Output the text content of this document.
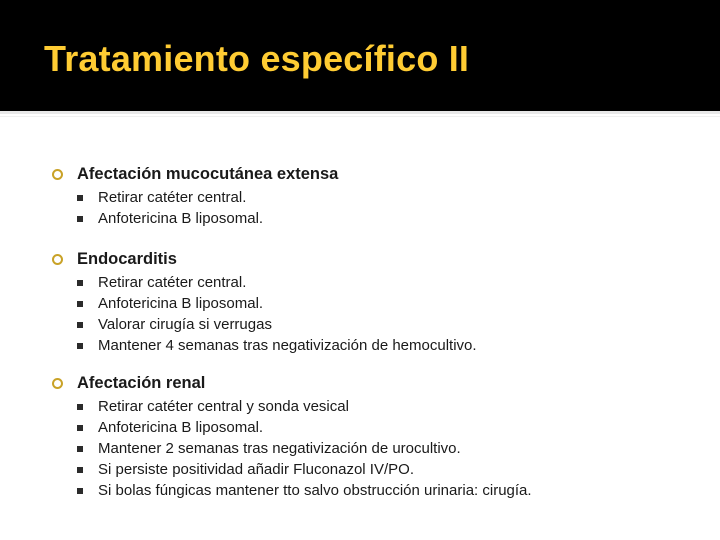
Tratamiento específico II
Afectación mucocutánea extensa
Retirar catéter central.
Anfotericina B liposomal.
Endocarditis
Retirar catéter central.
Anfotericina B liposomal.
Valorar cirugía si verrugas
Mantener 4 semanas tras negativización de hemocultivo.
Afectación renal
Retirar catéter central y sonda vesical
Anfotericina B liposomal.
Mantener 2 semanas tras negativización de urocultivo.
Si persiste positividad añadir Fluconazol IV/PO.
Si bolas fúngicas mantener tto salvo obstrucción urinaria: cirugía.
